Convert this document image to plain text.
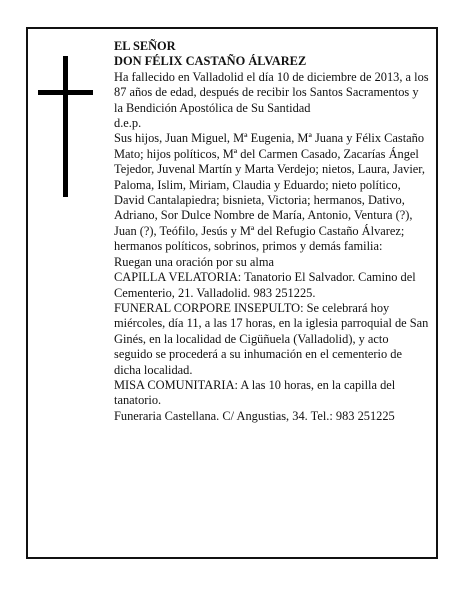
EL SEÑOR
DON FÉLIX CASTAÑO ÁLVAREZ
Ha fallecido en Valladolid el día 10 de diciembre de 2013, a los 87 años de edad, después de recibir los Santos Sacramentos y la Bendición Apostólica de Su Santidad
d.e.p.
Sus hijos, Juan Miguel, Mª Eugenia, Mª Juana y Félix Castaño Mato; hijos políticos, Mª del Carmen Casado, Zacarías Ángel Tejedor, Juvenal Martín y Marta Verdejo; nietos, Laura, Javier, Paloma, Islim, Miriam, Claudia y Eduardo; nieto político, David Cantalapiedra; bisnieta, Victoria; hermanos, Dativo, Adriano, Sor Dulce Nombre de María, Antonio, Ventura (?), Juan (?), Teófilo, Jesús y Mª del Refugio Castaño Álvarez; hermanos políticos, sobrinos, primos y demás familia:
Ruegan una oración por su alma
CAPILLA VELATORIA: Tanatorio El Salvador. Camino del Cementerio, 21. Valladolid. 983 251225.
FUNERAL CORPORE INSEPULTO: Se celebrará hoy miércoles, día 11, a las 17 horas, en la iglesia parroquial de San Ginés, en la localidad de Cigüñuela (Valladolid), y acto seguido se procederá a su inhumación en el cementerio de dicha localidad.
MISA COMUNITARIA: A las 10 horas, en la capilla del tanatorio.
Funeraria Castellana. C/ Angustias, 34. Tel.: 983 251225
